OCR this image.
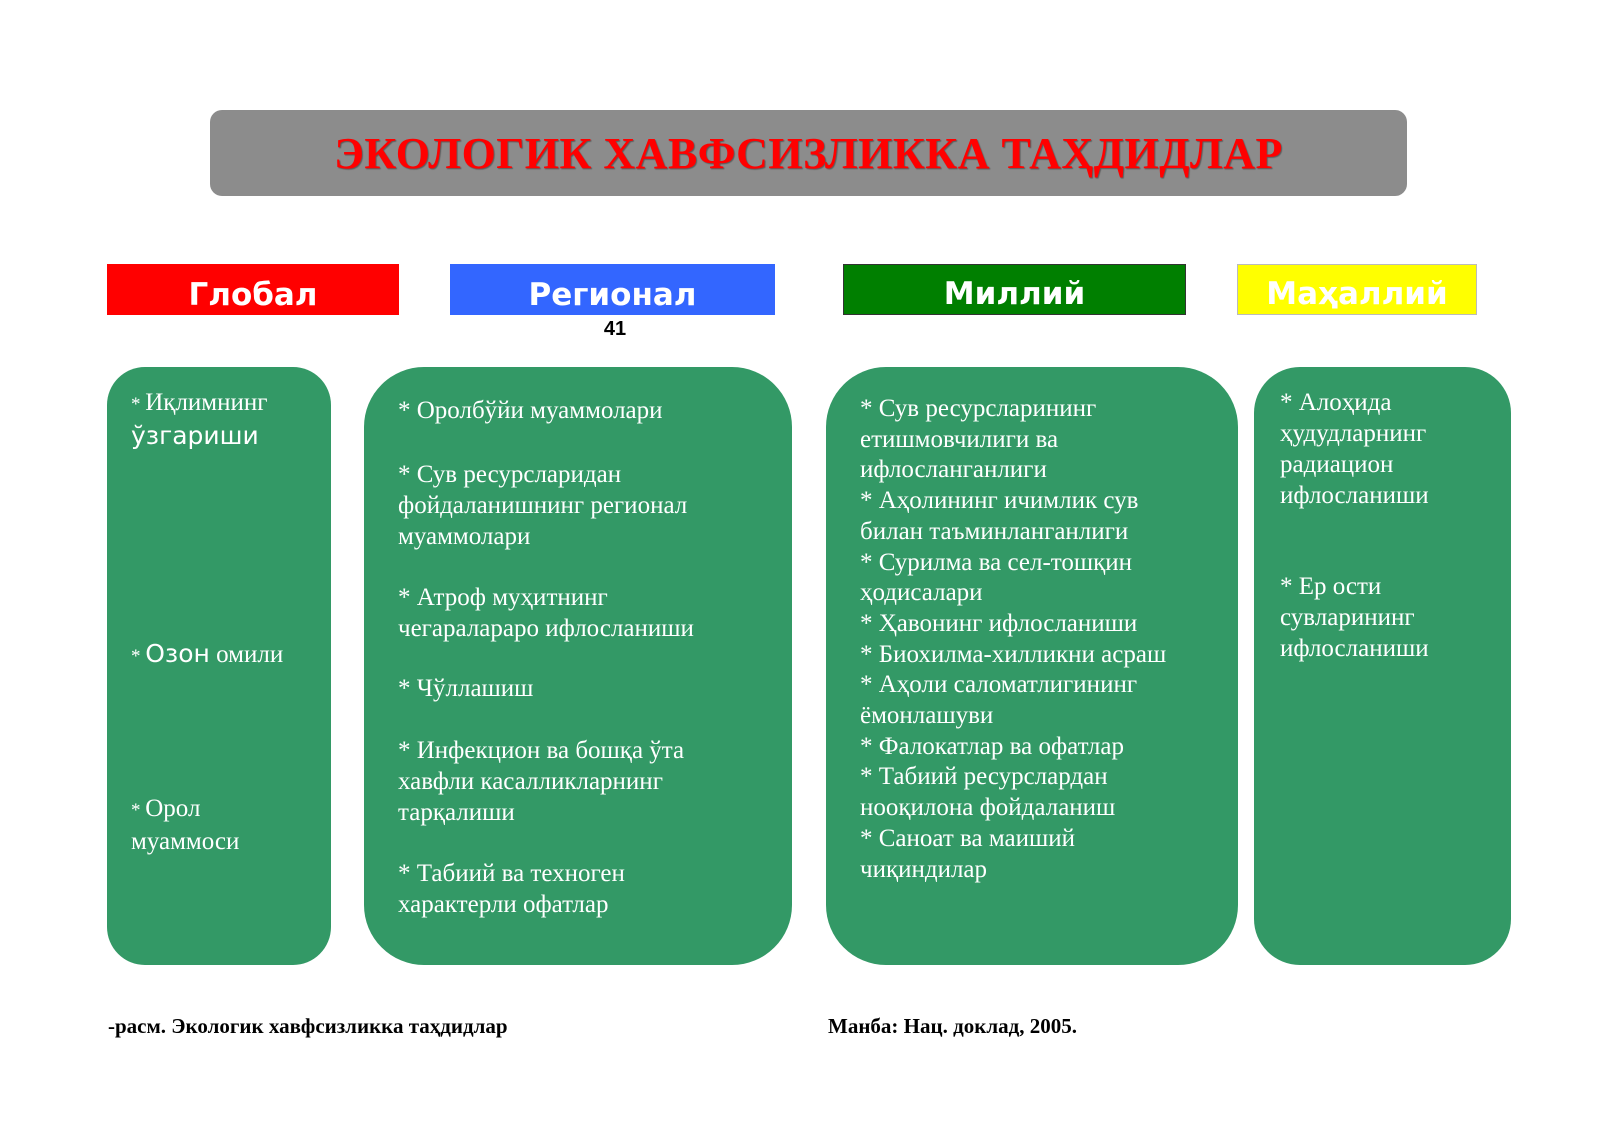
ЭКОЛОГИК ХАВФСИЗЛИККА ТАҲДИДЛАР
Глобал	Регионал	Миллий	Маҳаллий
41
* Иқлимнинг
ўзгариши
* Озон омили
* Орол
муаммоси
* Оролбўйи муаммолари
* Сув ресурсларидан фойдаланишнинг регионал муаммолари
* Атроф муҳитнинг чегаралараро ифлосланиши
* Чўллашиш
* Инфекцион ва бошқа ўта хавфли касалликларнинг тарқалиши
* Табиий ва техноген характерли офатлар
* Сув ресурсларининг етишмовчилиги ва ифлосланганлиги
* Аҳолининг ичимлик сув билан таъминланганлиги
* Сурилма ва сел-тошқин ҳодисалари
* Ҳавонинг ифлосланиши
* Биохилма-хилликни асраш
* Аҳоли саломатлигининг ёмонлашуви
* Фалокатлар ва офатлар
* Табиий ресурслардан нооқилона фойдаланиш
* Саноат ва маиший чиқиндилар
* Алоҳида ҳудудларнинг радиацион ифлосланиши
* Ер ости сувларининг ифлосланиши
-расм. Экологик хавфсизликка таҳдидлар	Манба: Нац. доклад, 2005.
